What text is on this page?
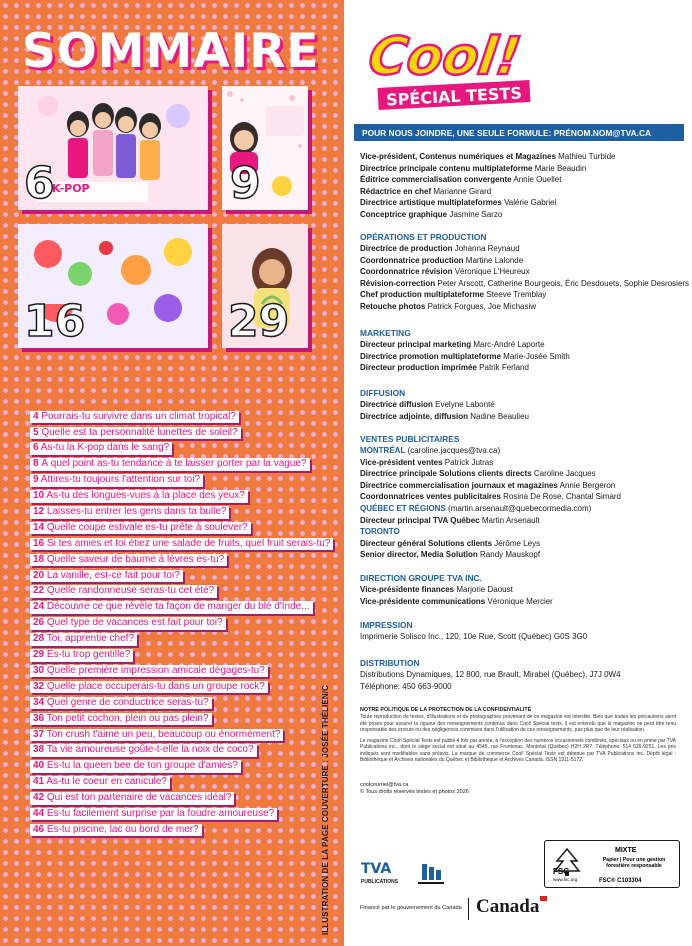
SOMMAIRE
K-POP
6	9
16	29
4 Pourrais-tu survivre dans un climat tropical?
5 Quelle est ta personnalité lunettes de soleil?
6 As-tu la K-pop dans le sang?
8 À quel point as-tu tendance à te laisser porter par la vague?
9 Attires-tu toujours l'attention sur toi?
10 As-tu des longues-vues à la place des yeux?
12 Laisses-tu entrer les gens dans ta bulle?
14 Quelle coupe estivale es-tu prête à soulever?
16 Si tes amies et toi étiez une salade de fruits, quel fruit serais-tu?
18 Quelle saveur de baume à lèvres es-tu?
20 La vanille, est-ce fait pour toi?
22 Quelle randonneuse seras-tu cet été?
24 Découvre ce que révèle ta façon de manger du blé d'Inde...
26 Quel type de vacances est fait pour toi?
28 Toi, apprentie chef?
29 Es-tu trop gentille?
30 Quelle première impression amicale dégages-tu?
32 Quelle place occuperais-tu dans un groupe rock?
34 Quel genre de conductrice seras-tu?
36 Ton petit cochon, plein ou pas plein?
37 Ton crush t'aime un peu, beaucoup ou énormément?
38 Ta vie amoureuse goûte-t-elle la noix de coco?
40 Es-tu la queen bee de ton groupe d'amies?
41 As-tu le coeur en canicule?
42 Qui est ton partenaire de vacances idéal?
44 Es-tu facilement surprise par la foudre amoureuse?
46 Es-tu piscine, lac ou bord de mer?	ILLUSTRATION DE LA PAGE COUVERTURE : JOSÉE THÉLIEN/C
Cool!
SPÉCIAL TESTS
POUR NOUS JOINDRE, UNE SEULE FORMULE: PRÉNOM.NOM@TVA.CA
Vice-président, Contenus numériques et Magazines Mathieu Turbide
Directrice principale contenu multiplateforme Marie Beaudin
Éditrice commercialisation convergente Annie Ouellet
Rédactrice en chef Marianne Girard
Directrice artistique multiplateformes Valérie Gabriel
Conceptrice graphique Jasmine Sarzo
OPÉRATIONS ET PRODUCTION
Directrice de production Johanna Reynaud
Coordonnatrice production Martine Lalonde
Coordonnatrice révision Véronique L'Heureux
Révision-correction Peter Arscott, Catherine Bourgeois, Éric Desdouets, Sophie Desrosiers
Chef production multiplateforme Steeve Tremblay
Retouche photos Patrick Forgues, Joe Michasiw
MARKETING
Directeur principal marketing Marc-André Laporte
Directrice promotion multiplateforme Marie-Josée Smith
Directeur production imprimée Patrik Ferland
DIFFUSION
Directrice diffusion Evelyne Labonté
Directrice adjointe, diffusion Nadine Beaulieu
VENTES PUBLICITAIRES
MONTRÉAL (caroline.jacques@tva.ca)
Vice-président ventes Patrick Jutras
Directrice principale Solutions clients directs Caroline Jacques
Directrice commercialisation journaux et magazines Annie Bergeron
Coordonnatrices ventes publicitaires Rosina De Rose, Chantal Simard
QUÉBEC ET RÉGIONS (martin.arsenault@quebecormedia.com)
Directeur principal TVA Québec Martin Arsenault
TORONTO
Directeur général Solutions clients Jérôme Leys
Senior director, Media Solution Randy Mauskopf
DIRECTION GROUPE TVA INC.
Vice-présidente finances Marjorie Daoust
Vice-présidente communications Véronique Mercier
IMPRESSION
Imprimerie Solisco Inc., 120, 10e Rue, Scott (Québec) G0S 3G0
DISTRIBUTION
Distributions Dynamiques, 12 800, rue Brault, Mirabel (Québec), J7J 0W4
Téléphone: 450 663-9000
NOTRE POLITIQUE DE LA PROTECTION DE LA CONFIDENTIALITÉ

Toute reproduction de textes, d'illustrations et de photographies provenant de ce magazine est interdite. Bien que toutes les précautions aient été prises pour assurer la rigueur des renseignements contenus dans Cool! Spécial tests, il est entendu que le magazine ne peut être tenu responsable des erreurs ou des négligences commises dans l'utilisation de ces renseignements, pas plus que de leur réalisation.

Le magazine Cool! Spécial Tests est publié 4 fois par année, à l'exception des numéros occasionnels combinés, spéciaux ou en prime par TVA Publications inc., dont le siège social est situé au 4545, rue Frontenac, Montréal (Québec) H2H 2R7. Téléphone: 514 526-9251. Les prix indiqués sont modifiables sans préavis. La marque de commerce Cool! Spécial Tests est détenue par TVA Publications inc. Dépôt légal : Bibliothèque et Archives nationales du Québec et Bibliothèque et Archives Canada. ISSN 1911-5172.

coolcourriel@tva.ca
© Tous droits réservés textes et photos 2026
TVA
PUBLICATIONS
MIXTE
Papier | Pour une gestion forestière responsable
FSC® C103304
FSC
www.fsc.org
Financé par le gouvernement du Canada Canada
